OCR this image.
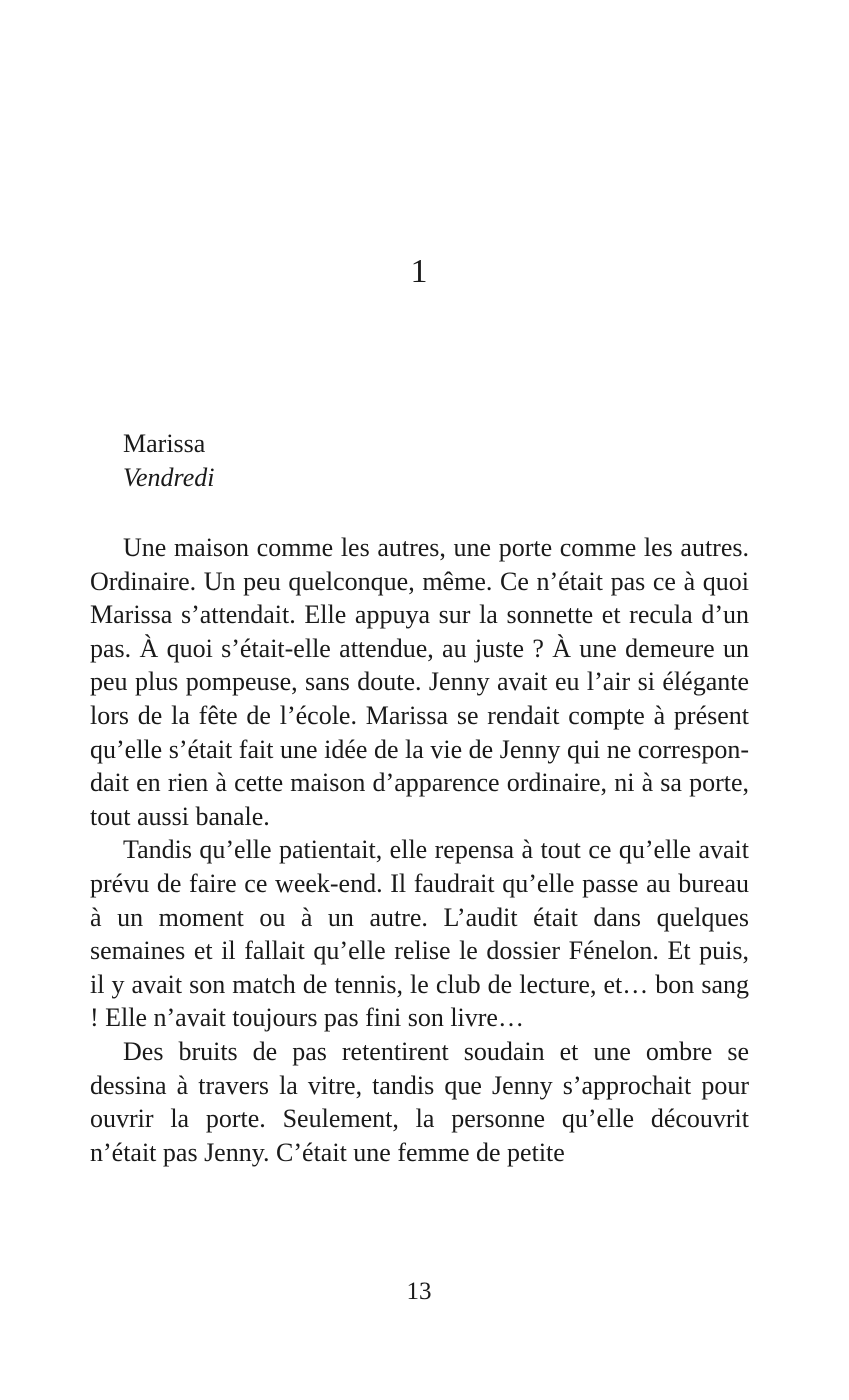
1
Marissa
Vendredi

Une maison comme les autres, une porte comme les autres. Ordinaire. Un peu quelconque, même. Ce n’était pas ce à quoi Marissa s’attendait. Elle appuya sur la sonnette et recula d’un pas. À quoi s’était-elle attendue, au juste ? À une demeure un peu plus pompeuse, sans doute. Jenny avait eu l’air si élégante lors de la fête de l’école. Marissa se rendait compte à présent qu’elle s’était fait une idée de la vie de Jenny qui ne correspondait en rien à cette maison d’apparence ordinaire, ni à sa porte, tout aussi banale.

Tandis qu’elle patientait, elle repensa à tout ce qu’elle avait prévu de faire ce week-end. Il faudrait qu’elle passe au bureau à un moment ou à un autre. L’audit était dans quelques semaines et il fallait qu’elle relise le dossier Fénelon. Et puis, il y avait son match de tennis, le club de lecture, et… bon sang ! Elle n’avait toujours pas fini son livre…

Des bruits de pas retentirent soudain et une ombre se dessina à travers la vitre, tandis que Jenny s’approchait pour ouvrir la porte. Seulement, la personne qu’elle découvrit n’était pas Jenny. C’était une femme de petite

13
